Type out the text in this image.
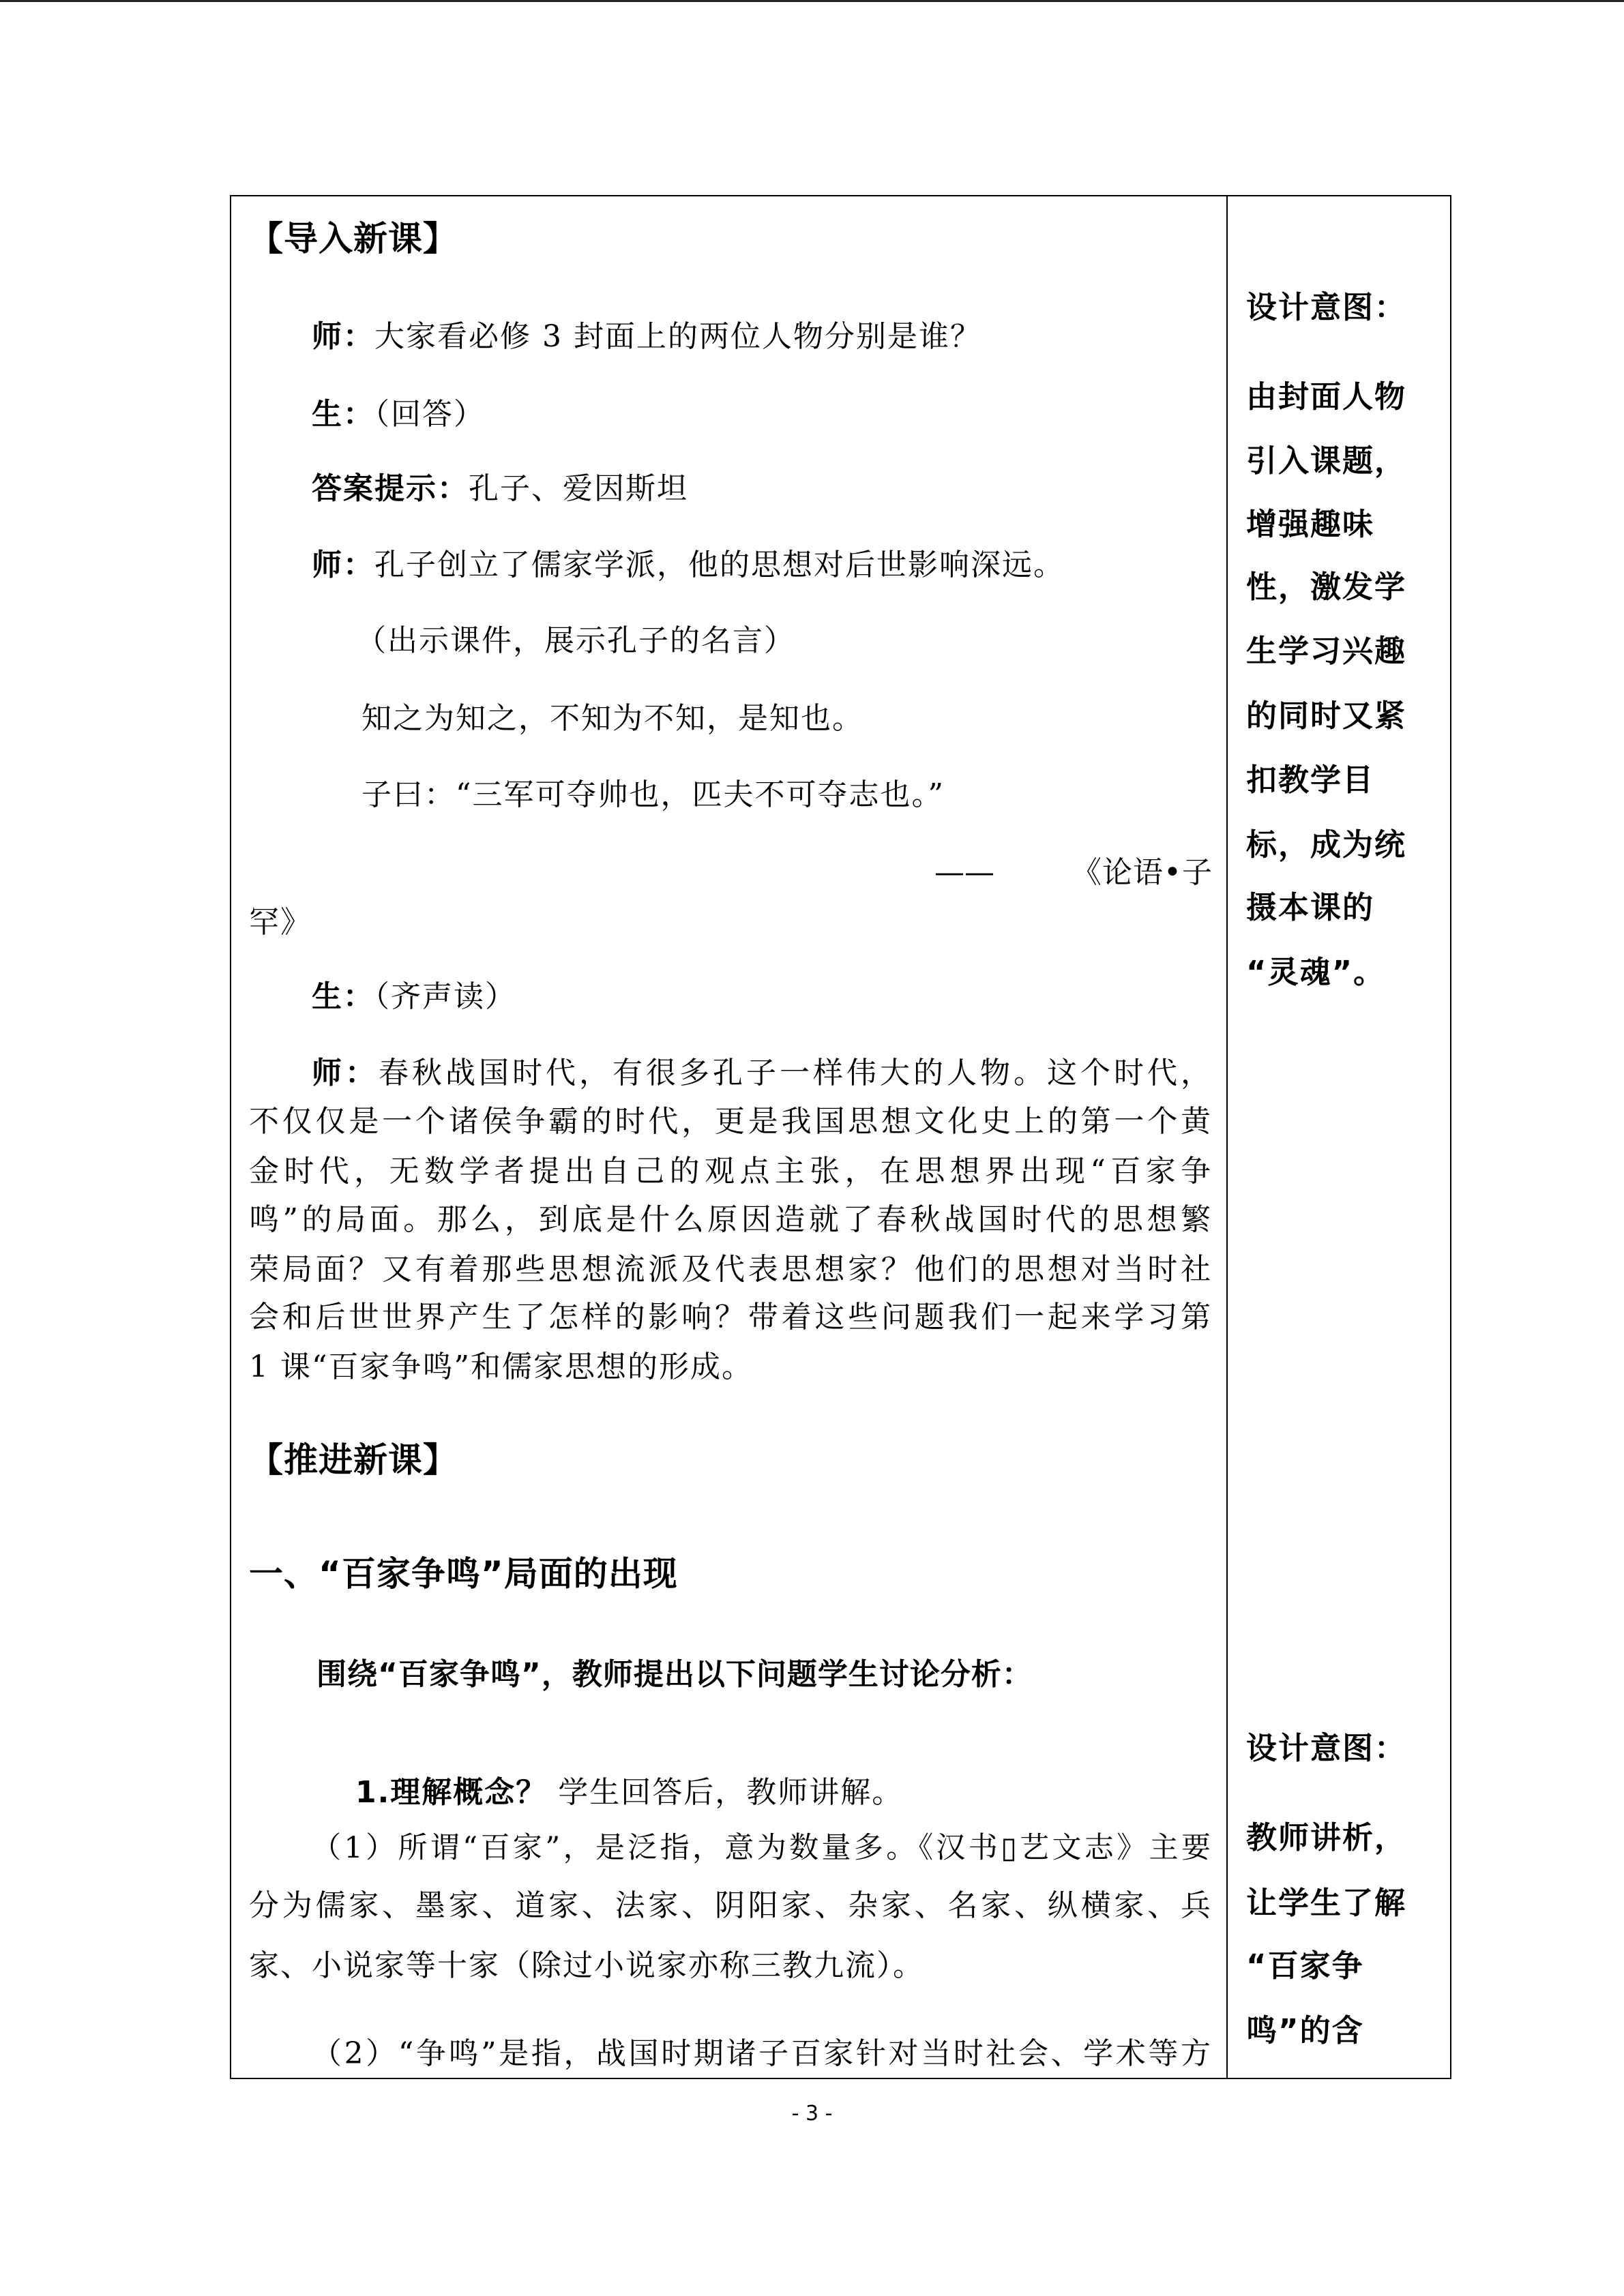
【导入新课】
师：大家看必修 3 封面上的两位人物分别是谁？
生：（回答）
答案提示：孔子、爱因斯坦
师：孔子创立了儒家学派，他的思想对后世影响深远。
（出示课件，展示孔子的名言）
知之为知之，不知为不知，是知也。
子曰：“三军可夺帅也，匹夫不可夺志也。”
——	《论语•子
罕》
生：（齐声读）
师：春秋战国时代，有很多孔子一样伟大的人物。这个时代，
不仅仅是一个诸侯争霸的时代，更是我国思想文化史上的第一个黄
金时代，无数学者提出自己的观点主张，在思想界出现“百家争
鸣”的局面。那么，到底是什么原因造就了春秋战国时代的思想繁
荣局面？又有着那些思想流派及代表思想家？他们的思想对当时社
会和后世世界产生了怎样的影响？带着这些问题我们一起来学习第
1 课“百家争鸣”和儒家思想的形成。
【推进新课】
一、“百家争鸣”局面的出现
围绕“百家争鸣”，教师提出以下问题学生讨论分析：

1.理解概念？ 学生回答后，教师讲解。

（1）所谓“百家”，是泛指，意为数量多。《汉书▯艺文志》主要
分为儒家、墨家、道家、法家、阴阳家、杂家、名家、纵横家、兵
家、小说家等十家（除过小说家亦称三教九流）。
（2）“争鸣”是指，战国时期诸子百家针对当时社会、学术等方
设计意图：
由封面人物
引入课题，
增强趣味
性，激发学
生学习兴趣
的同时又紧
扣教学目
标，成为统
摄本课的
“灵魂”。
设计意图：
教师讲析，
让学生了解
“百家争
鸣”的含
- 3 -
